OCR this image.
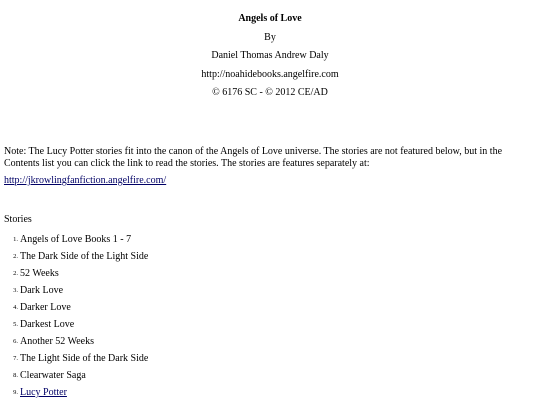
Angels of Love
By
Daniel Thomas Andrew Daly
http://noahidebooks.angelfire.com
© 6176 SC - © 2012 CE/AD
Note: The Lucy Potter stories fit into the canon of the Angels of Love universe. The stories are not featured below, but in the Contents list you can click the link to read the stories. The stories are features separately at:
http://jkrowlingfanfiction.angelfire.com/
Stories
1. Angels of Love Books 1 - 7
2. The Dark Side of the Light Side
2. 52 Weeks
3. Dark Love
4. Darker Love
5. Darkest Love
6. Another 52 Weeks
7. The Light Side of the Dark Side
8. Clearwater Saga
9. Lucy Potter
